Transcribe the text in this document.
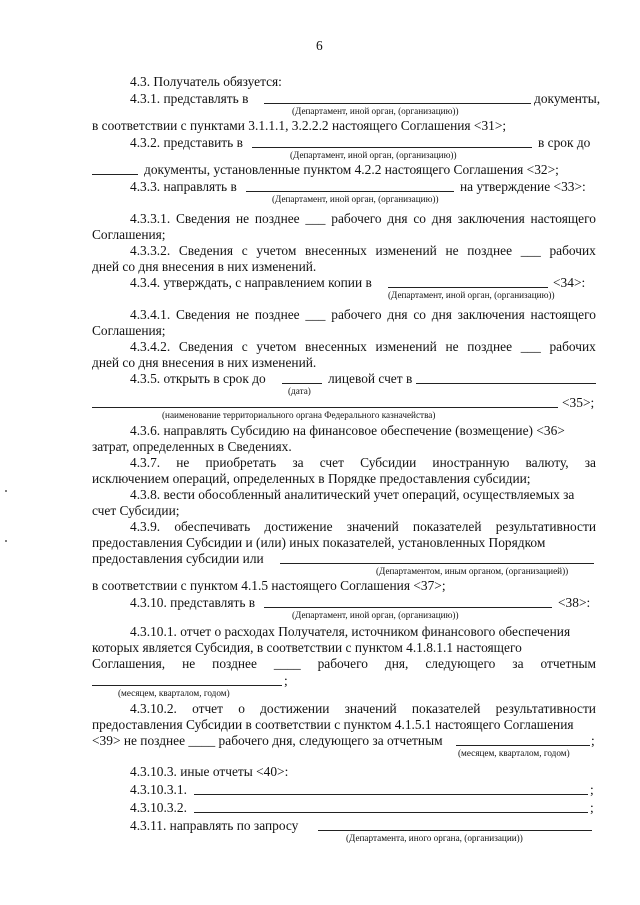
6
4.3. Получатель обязуется:
4.3.1. представлять в	документы,
(Департамент, иной орган, (организацию))
в соответствии с пунктами 3.1.1.1, 3.2.2.2 настоящего Соглашения <31>;
4.3.2. представить в	в срок до
(Департамент, иной орган, (организацию))
документы, установленные пунктом 4.2.2 настоящего Соглашения <32>;
4.3.3. направлять в	на утверждение <33>:
(Департамент, иной орган, (организацию))
4.3.3.1. Сведения не позднее ___ рабочего дня со дня заключения настоящего
Соглашения;
4.3.3.2. Сведения с учетом внесенных изменений не позднее ___ рабочих
дней со дня внесения в них изменений.
4.3.4. утверждать, с направлением копии в	<34>:
(Департамент, иной орган, (организацию))
4.3.4.1. Сведения не позднее ___ рабочего дня со дня заключения настоящего
Соглашения;
4.3.4.2. Сведения с учетом внесенных изменений не позднее ___ рабочих
дней со дня внесения в них изменений.
4.3.5. открыть в срок до	лицевой счет в
(дата)
<35>;
(наименование территориального органа Федерального казначейства)
4.3.6. направлять Субсидию на финансовое обеспечение (возмещение) <36>
затрат, определенных в Сведениях.
4.3.7. не приобретать за счет Субсидии иностранную валюту, за
исключением операций, определенных в Порядке предоставления субсидии;
4.3.8. вести обособленный аналитический учет операций, осуществляемых за
счет Субсидии;
4.3.9. обеспечивать достижение значений показателей результативности
предоставления Субсидии и (или) иных показателей, установленных Порядком
предоставления субсидии или
(Департаментом, иным органом, (организацией))
в соответствии с пунктом 4.1.5 настоящего Соглашения <37>;
4.3.10. представлять в	<38>:
(Департамент, иной орган, (организацию))
4.3.10.1. отчет о расходах Получателя, источником финансового обеспечения
которых является Субсидия, в соответствии с пунктом 4.1.8.1.1 настоящего
Соглашения, не позднее ____ рабочего дня, следующего за отчетным
;
(месяцем, кварталом, годом)
4.3.10.2. отчет о достижении значений показателей результативности
предоставления Субсидии в соответствии с пунктом 4.1.5.1 настоящего Соглашения
<39> не позднее ____ рабочего дня, следующего за отчетным	;
(месяцем, кварталом, годом)
4.3.10.3. иные отчеты <40>:
4.3.10.3.1.	;
4.3.10.3.2.	;
4.3.11. направлять по запросу
(Департамента, иного органа, (организации))
